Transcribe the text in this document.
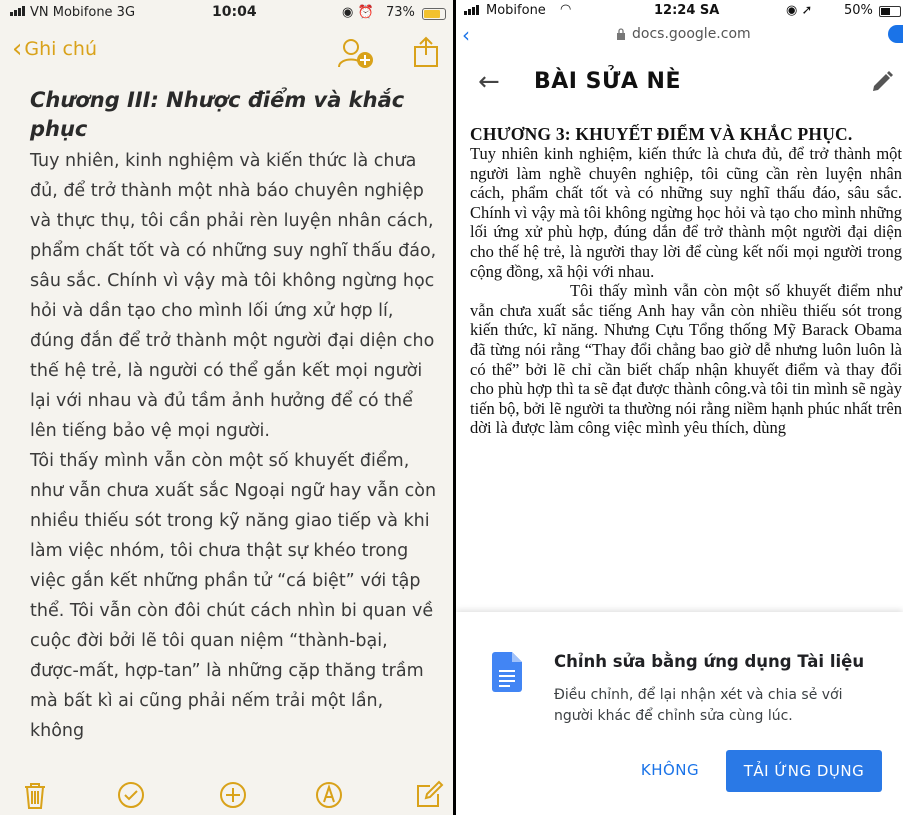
VN Mobifone 3G	10:04	◉ ⏰ 73%
‹ Ghi chú
Chương III: Nhược điểm và khắc phục

Tuy nhiên, kinh nghiệm và kiến thức là chưa đủ, để trở thành một nhà báo chuyên nghiệp và thực thụ, tôi cần phải rèn luyện nhân cách, phẩm chất tốt và có những suy nghĩ thấu đáo, sâu sắc. Chính vì vậy mà tôi không ngừng học hỏi và dần tạo cho mình lối ứng xử hợp lí, đúng đắn để trở thành một người đại diện cho thế hệ trẻ, là người có thể gắn kết mọi người lại với nhau và đủ tầm ảnh hưởng để có thể lên tiếng bảo vệ mọi người.

Tôi thấy mình vẫn còn một số khuyết điểm, như vẫn chưa xuất sắc Ngoại ngữ hay vẫn còn nhiều thiếu sót trong kỹ năng giao tiếp và khi làm việc nhóm, tôi chưa thật sự khéo trong việc gắn kết những phần tử “cá biệt” với tập thể. Tôi vẫn còn đôi chút cách nhìn bi quan về cuộc đời bởi lẽ tôi quan niệm “thành-bại, được-mất, hợp-tan” là những cặp thăng trầm mà bất kì ai cũng phải nếm trải một lần, không

Mobifone ◠	12:24 SA	◉ ➚ 50%
‹	docs.google.com
← BÀI SỬA NÈ
CHƯƠNG 3: KHUYẾT ĐIỂM VÀ KHẮC PHỤC.

Tuy nhiên kinh nghiệm, kiến thức là chưa đủ, để trở thành một người làm nghề chuyên nghiệp, tôi cũng cần rèn luyện nhân cách, phẩm chất tốt và có những suy nghĩ thấu đáo, sâu sắc. Chính vì vậy mà tôi không ngừng học hỏi và tạo cho mình những lối ứng xử phù hợp, đúng dắn để trở thành một người đại diện cho thế hệ trẻ, là người thay lời để cùng kết nối mọi người trong cộng đồng, xã hội với nhau.

Tôi thấy mình vẫn còn một số khuyết điểm như vẫn chưa xuất sắc tiếng Anh hay vẫn còn nhiều thiếu sót trong kiến thức, kĩ năng. Nhưng Cựu Tổng thống Mỹ Barack Obama đã từng nói rằng “Thay đổi chẳng bao giờ dễ nhưng luôn luôn là có thể” bởi lẽ chỉ cần biết chấp nhận khuyết điểm và thay đổi cho phù hợp thì ta sẽ đạt được thành công.và tôi tin mình sẽ ngày tiến bộ, bởi lẽ người ta thường nói rằng niềm hạnh phúc nhất trên dời là được làm công việc mình yêu thích, dùng

Chỉnh sửa bằng ứng dụng Tài liệu
Điều chỉnh, để lại nhận xét và chia sẻ với người khác để chỉnh sửa cùng lúc.
KHÔNG	TẢI ỨNG DỤNG
